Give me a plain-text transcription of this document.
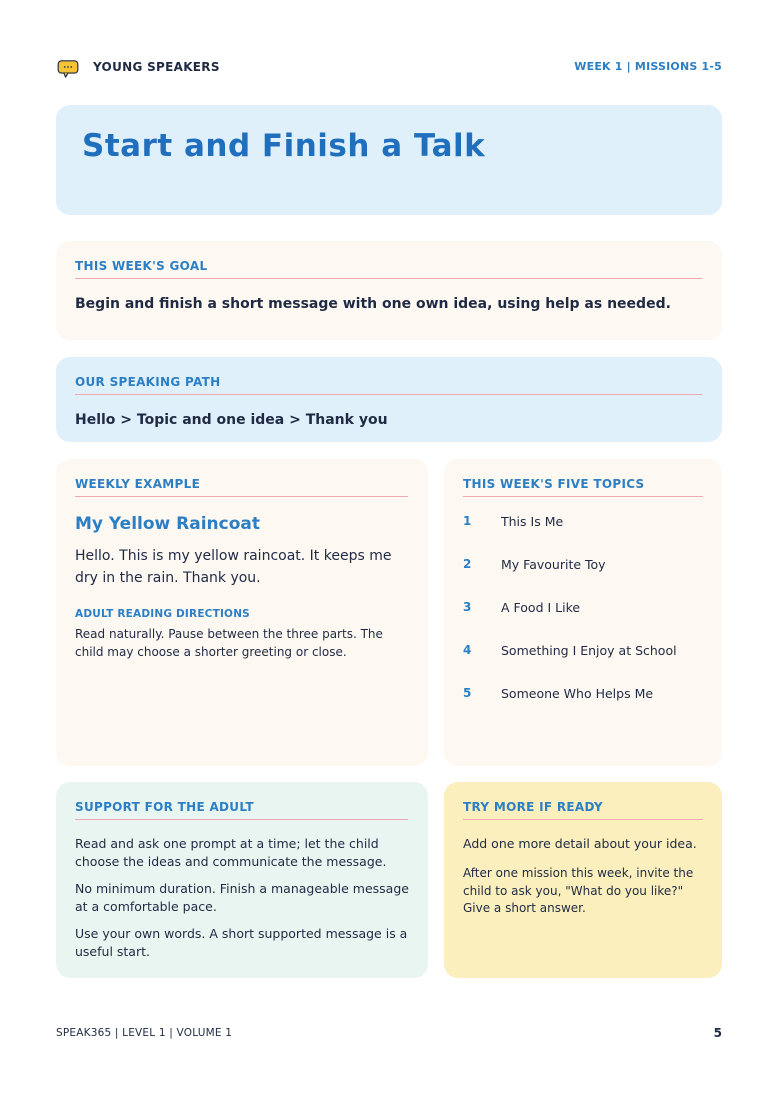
YOUNG SPEAKERS	WEEK 1 | MISSIONS 1-5
Start and Finish a Talk
THIS WEEK'S GOAL
Begin and finish a short message with one own idea, using help as needed.
OUR SPEAKING PATH
Hello > Topic and one idea > Thank you
WEEKLY EXAMPLE
My Yellow Raincoat
Hello. This is my yellow raincoat. It keeps me dry in the rain. Thank you.
ADULT READING DIRECTIONS
Read naturally. Pause between the three parts. The child may choose a shorter greeting or close.
THIS WEEK'S FIVE TOPICS
1 This Is Me
2 My Favourite Toy
3 A Food I Like
4 Something I Enjoy at School
5 Someone Who Helps Me
SUPPORT FOR THE ADULT
Read and ask one prompt at a time; let the child choose the ideas and communicate the message.
No minimum duration. Finish a manageable message at a comfortable pace.
Use your own words. A short supported message is a useful start.
TRY MORE IF READY
Add one more detail about your idea.
After one mission this week, invite the child to ask you, "What do you like?" Give a short answer.
SPEAK365 | LEVEL 1 | VOLUME 1	5
